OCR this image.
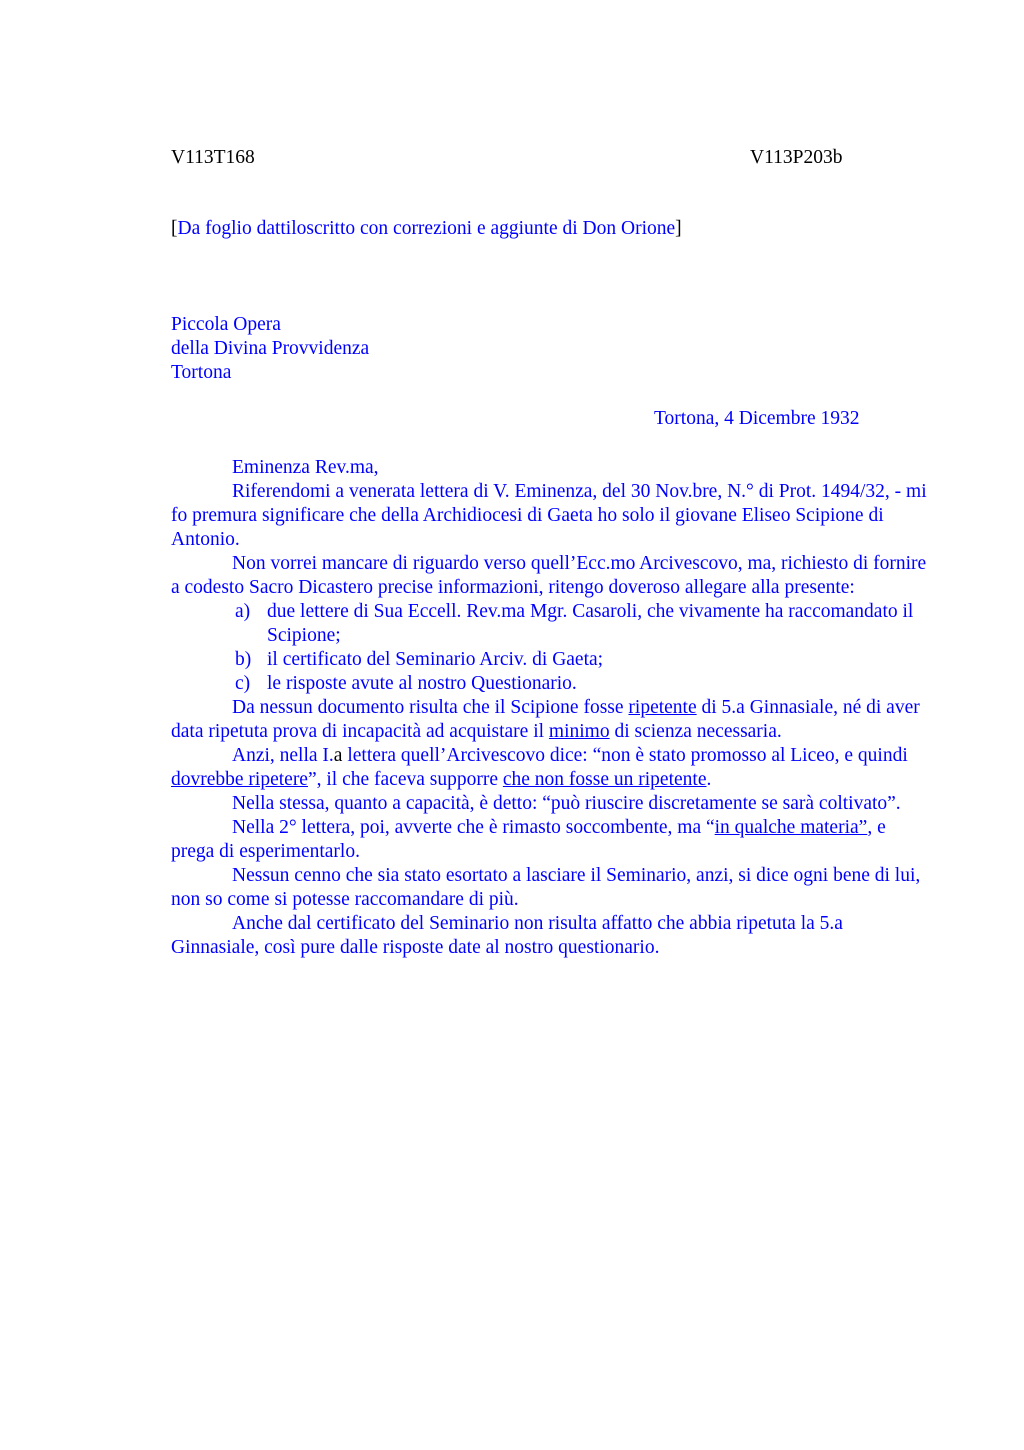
V113T168	V113P203b
[Da foglio dattiloscritto con correzioni e aggiunte di Don Orione]
Piccola Opera
della Divina Provvidenza
Tortona
Tortona, 4 Dicembre 1932

Eminenza Rev.ma,

Riferendomi a venerata lettera di V. Eminenza, del 30 Nov.bre, N.° di Prot. 1494/32, - mi fo premura significare che della Archidiocesi di Gaeta ho solo il giovane Eliseo Scipione di Antonio.

Non vorrei mancare di riguardo verso quell’Ecc.mo Arcivescovo, ma, richiesto di fornire a codesto Sacro Dicastero precise informazioni, ritengo doveroso allegare alla presente:

a) due lettere di Sua Eccell. Rev.ma Mgr. Casaroli, che vivamente ha raccomandato il Scipione;
b) il certificato del Seminario Arciv. di Gaeta;
c) le risposte avute al nostro Questionario.

Da nessun documento risulta che il Scipione fosse ripetente di 5.a Ginnasiale, né di aver data ripetuta prova di incapacità ad acquistare il minimo di scienza necessaria.

Anzi, nella I.a lettera quell’Arcivescovo dice: “non è stato promosso al Liceo, e quindi dovrebbe ripetere”, il che faceva supporre che non fosse un ripetente.

Nella stessa, quanto a capacità, è detto: “può riuscire discretamente se sarà coltivato”.

Nella 2° lettera, poi, avverte che è rimasto soccombente, ma “in qualche materia”, e prega di esperimentarlo.

Nessun cenno che sia stato esortato a lasciare il Seminario, anzi, si dice ogni bene di lui, non so come si potesse raccomandare di più.

Anche dal certificato del Seminario non risulta affatto che abbia ripetuta la 5.a Ginnasiale, così pure dalle risposte date al nostro questionario.
